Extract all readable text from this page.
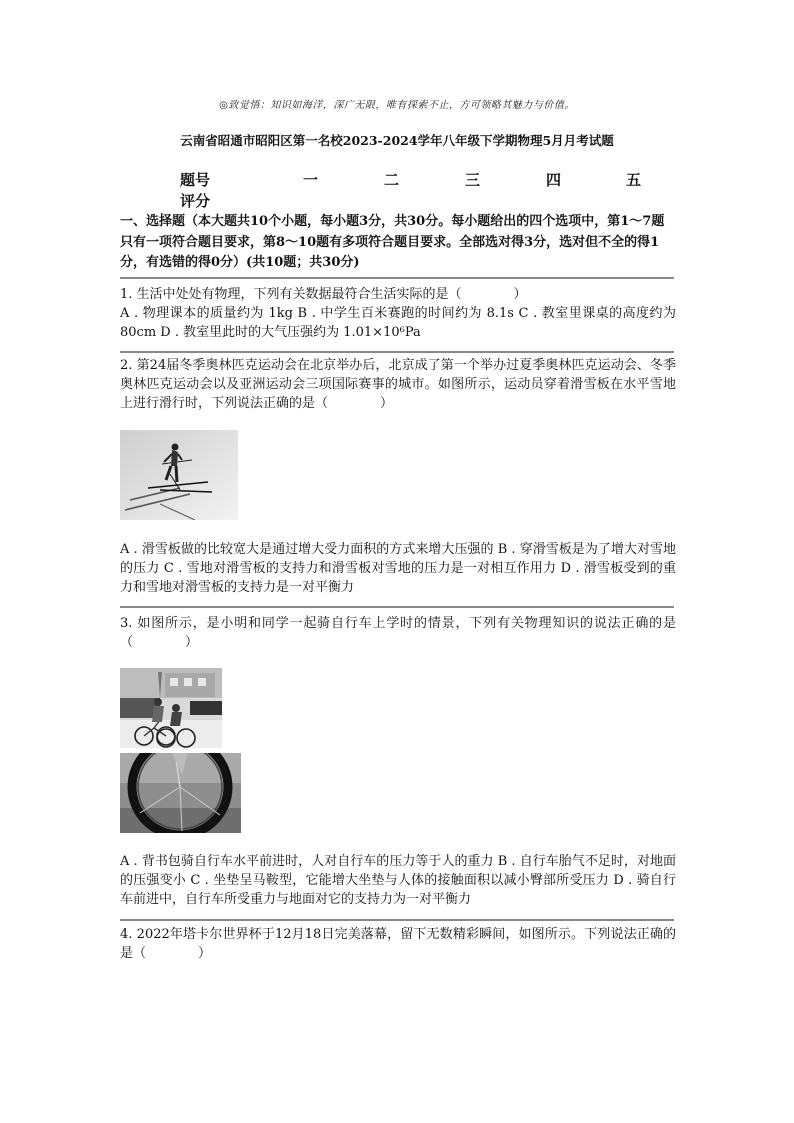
◎致觉悟：知识如海洋，深广无限，唯有探索不止，方可领略其魅力与价值。
云南省昭通市昭阳区第一名校2023-2024学年八年级下学期物理5月月考试题
题号	一	二	三	四	五
评分
一、选择题（本大题共10个小题，每小题3分，共30分。每小题给出的四个选项中，第1～7题只有一项符合题目要求，第8～10题有多项符合题目要求。全部选对得3分，选对但不全的得1分，有选错的得0分）(共10题；共30分)
1. 生活中处处有物理，下列有关数据最符合生活实际的是（　　　　）
A . 物理课本的质量约为 1kg B . 中学生百米赛跑的时间约为 8.1s C . 教室里课桌的高度约为 80cm D . 教室里此时的大气压强约为 1.01×10⁶Pa
2. 第24届冬季奥林匹克运动会在北京举办后，北京成了第一个举办过夏季奥林匹克运动会、冬季奥林匹克运动会以及亚洲运动会三项国际赛事的城市。如图所示，运动员穿着滑雪板在水平雪地上进行滑行时，下列说法正确的是（　　　　）
A . 滑雪板做的比较宽大是通过增大受力面积的方式来增大压强的 B . 穿滑雪板是为了增大对雪地的压力 C . 雪地对滑雪板的支持力和滑雪板对雪地的压力是一对相互作用力 D . 滑雪板受到的重力和雪地对滑雪板的支持力是一对平衡力
3. 如图所示，是小明和同学一起骑自行车上学时的情景，下列有关物理知识的说法正确的是（　　　　）
A . 背书包骑自行车水平前进时，人对自行车的压力等于人的重力 B . 自行车胎气不足时，对地面的压强变小 C . 坐垫呈马鞍型，它能增大坐垫与人体的接触面积以减小臀部所受压力 D . 骑自行车前进中，自行车所受重力与地面对它的支持力为一对平衡力
4. 2022年塔卡尔世界杯于12月18日完美落幕，留下无数精彩瞬间，如图所示。下列说法正确的是（　　　　）
